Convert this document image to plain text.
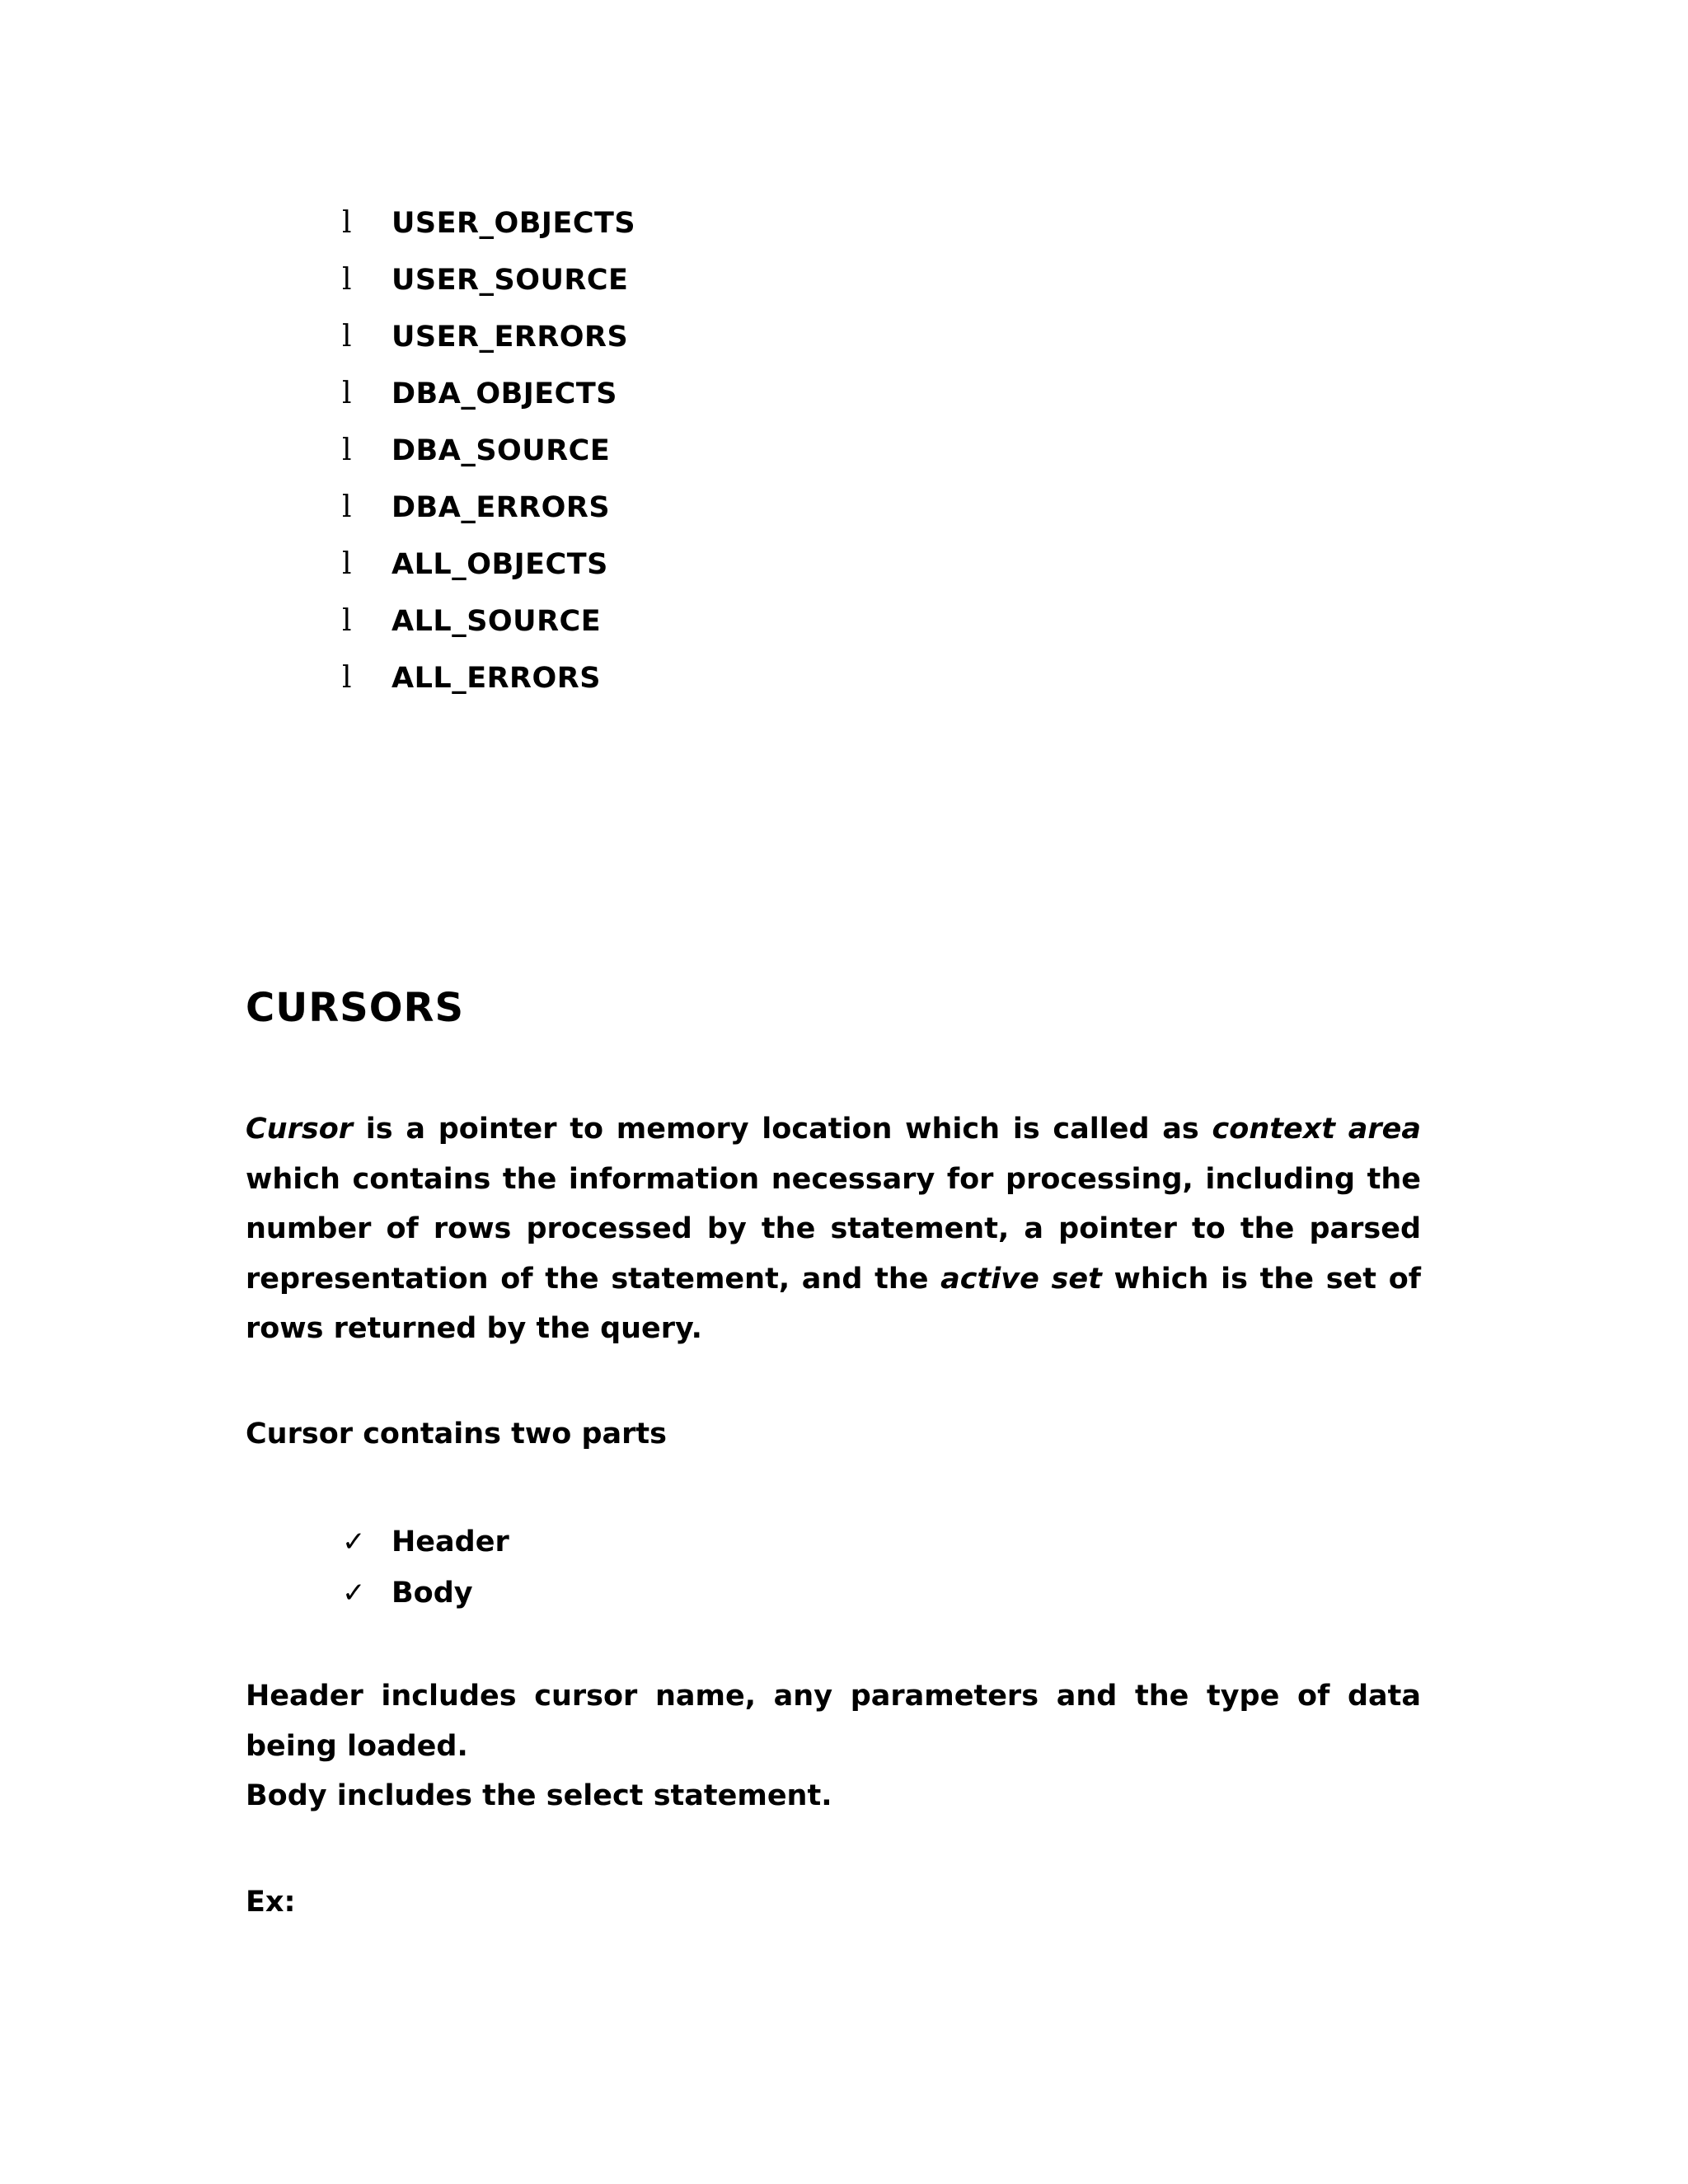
l	USER_OBJECTS
l	USER_SOURCE
l	USER_ERRORS
l	DBA_OBJECTS
l	DBA_SOURCE
l	DBA_ERRORS
l	ALL_OBJECTS
l	ALL_SOURCE
l	ALL_ERRORS
CURSORS

Cursor is a pointer to memory location which is called as context area which contains the information necessary for processing, including the number of rows processed by the statement, a pointer to the parsed representation of the statement, and the active set which is the set of rows returned by the query.

Cursor contains two parts

✓ Header
✓ Body

Header includes cursor name, any parameters and the type of data being loaded.

Body includes the select statement.

Ex:
